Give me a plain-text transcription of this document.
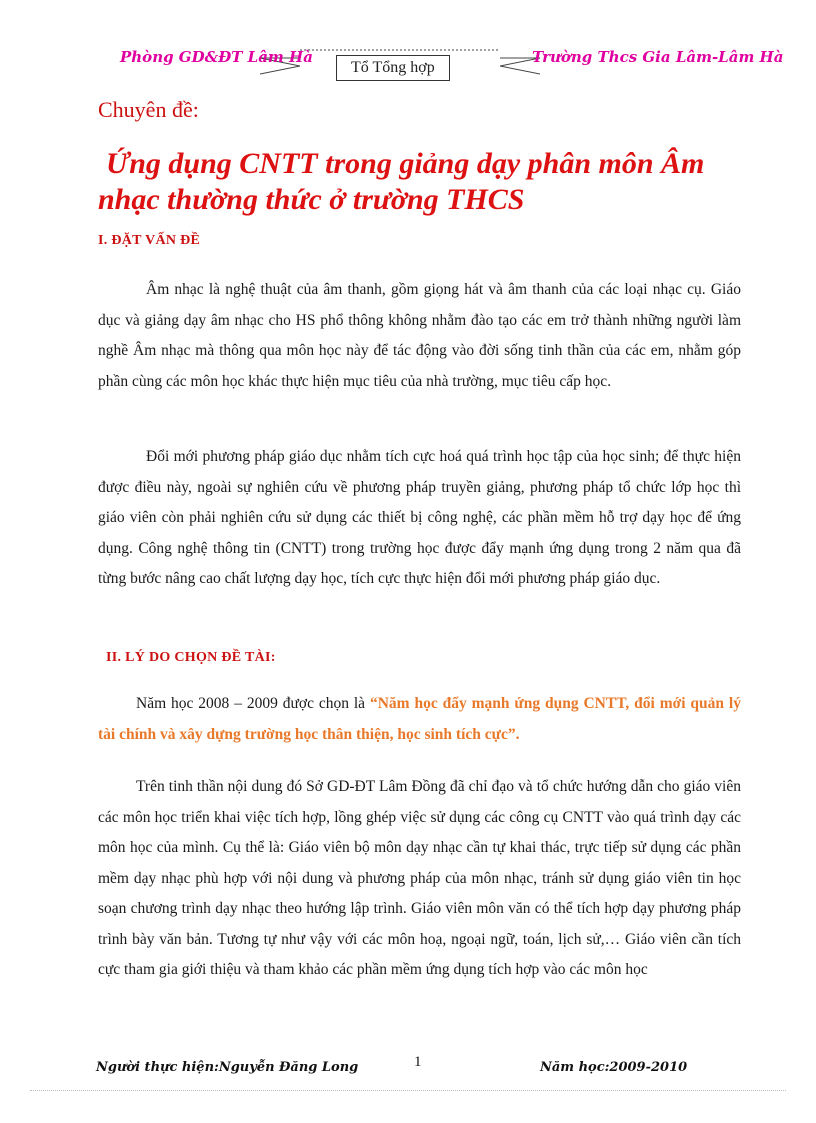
Phòng GD&ĐT Lâm Hà
Tổ Tổng hợp
Trường Thcs Gia Lâm-Lâm Hà
Chuyên đề:
Ứng dụng CNTT trong giảng dạy phân môn Âm nhạc thường thức ở trường THCS
I. ĐẶT VẤN ĐỀ
Âm nhạc là nghệ thuật của âm thanh, gồm giọng hát và âm thanh của các loại nhạc cụ. Giáo dục và giảng dạy âm nhạc cho HS phổ thông không nhằm đào tạo các em trở thành những người làm nghề Âm nhạc mà thông qua môn học này để tác động vào đời sống tinh thần của các em, nhằm góp phần cùng các môn học khác thực hiện mục tiêu của nhà trường, mục tiêu cấp học.
Đổi mới phương pháp giáo dục nhằm tích cực hoá quá trình học tập của học sinh; để thực hiện được điều này, ngoài sự nghiên cứu về phương pháp truyền giảng, phương pháp tổ chức lớp học thì giáo viên còn phải nghiên cứu sử dụng các thiết bị công nghệ, các phần mềm hỗ trợ dạy học để ứng dụng. Công nghệ thông tin (CNTT) trong trường học được đẩy mạnh ứng dụng trong 2 năm qua đã từng bước nâng cao chất lượng dạy học, tích cực thực hiện đổi mới phương pháp giáo dục.
II. LÝ DO CHỌN ĐỀ TÀI:
Năm học 2008 – 2009 được chọn là “Năm học đẩy mạnh ứng dụng CNTT, đổi mới quản lý tài chính và xây dựng trường học thân thiện, học sinh tích cực”.
Trên tinh thần nội dung đó Sở GD-ĐT Lâm Đồng đã chỉ đạo và tổ chức hướng dẫn cho giáo viên các môn học triển khai việc tích hợp, lồng ghép việc sử dụng các công cụ CNTT vào quá trình dạy các môn học của mình. Cụ thể là: Giáo viên bộ môn dạy nhạc cần tự khai thác, trực tiếp sử dụng các phần mềm dạy nhạc phù hợp với nội dung và phương pháp của môn nhạc, tránh sử dụng giáo viên tin học soạn chương trình dạy nhạc theo hướng lập trình. Giáo viên môn văn có thể tích hợp dạy phương pháp trình bày văn bản. Tương tự như vậy với các môn hoạ, ngoại ngữ, toán, lịch sử,… Giáo viên cần tích cực tham gia giới thiệu và tham khảo các phần mềm ứng dụng tích hợp vào các môn học
Người thực hiện:Nguyễn Đăng Long	1	Năm học:2009-2010
